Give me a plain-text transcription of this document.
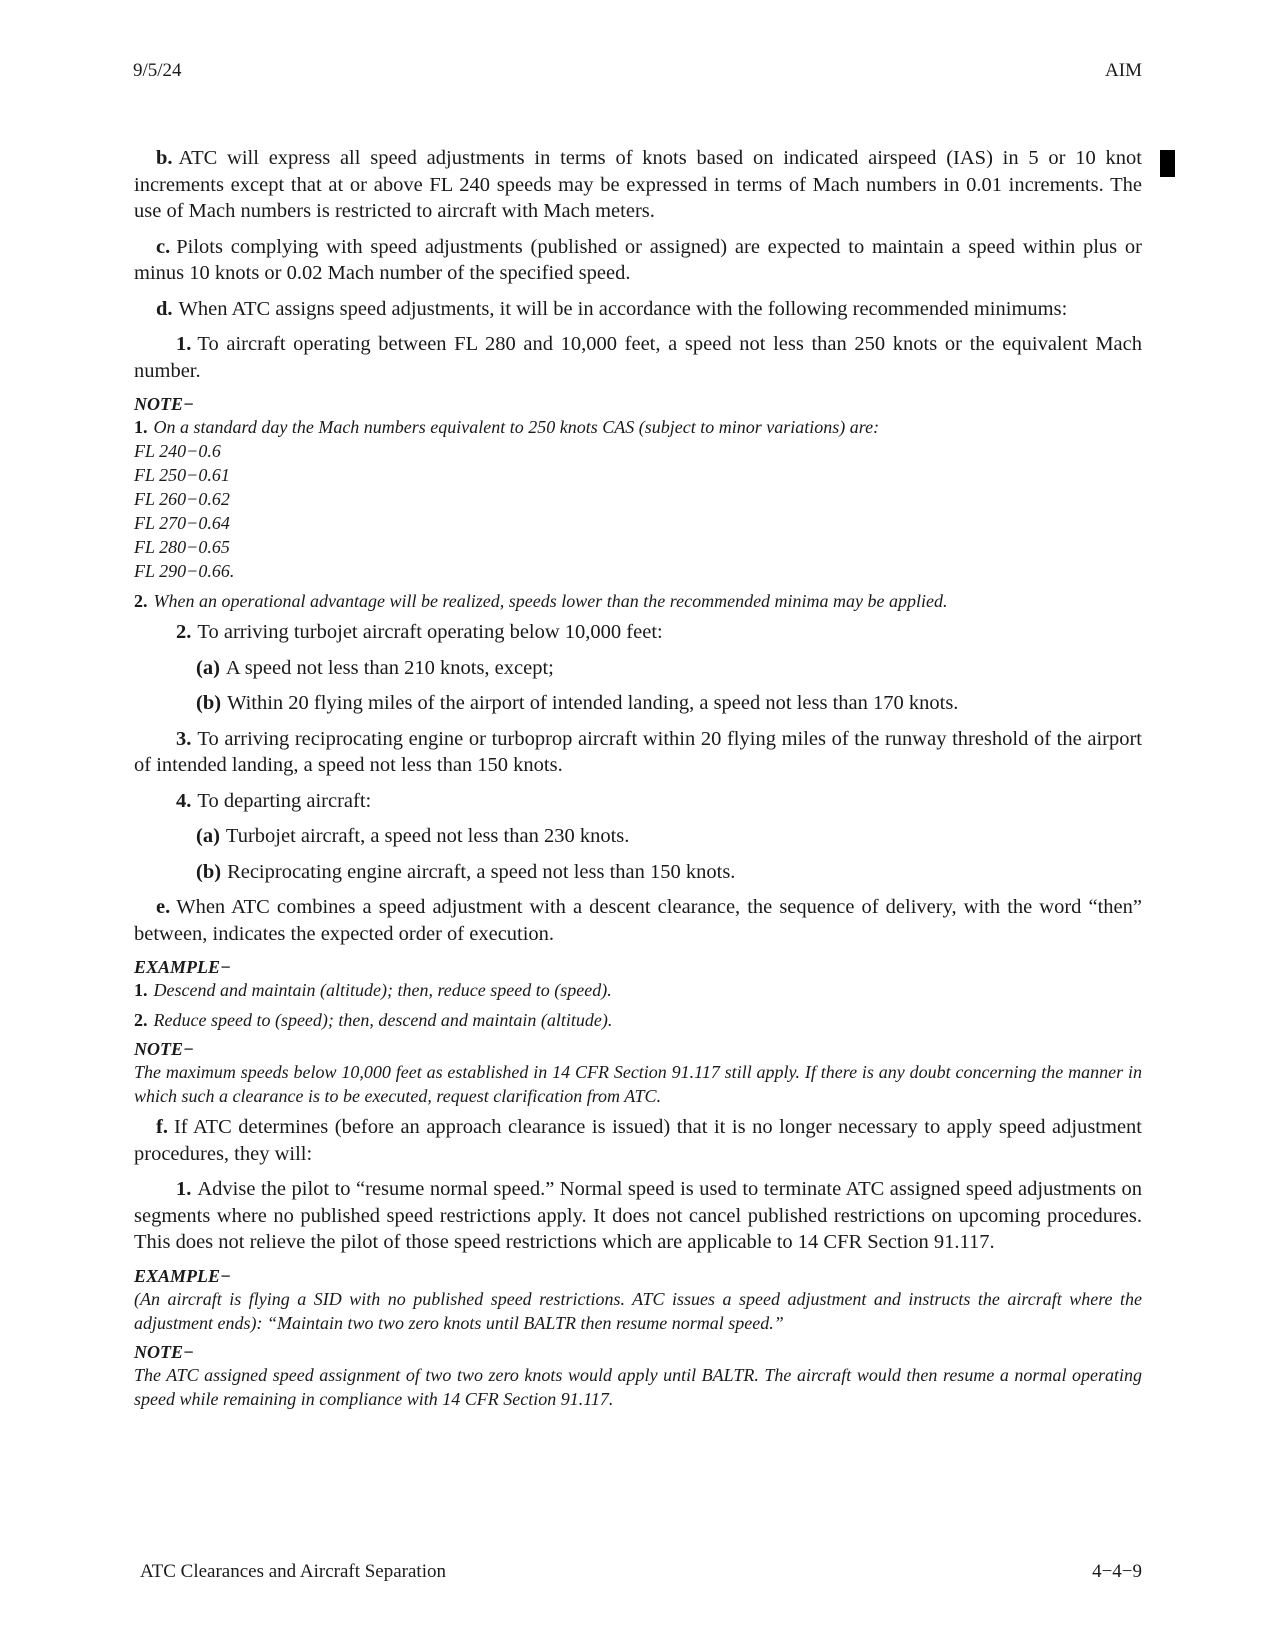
9/5/24	AIM

b. ATC will express all speed adjustments in terms of knots based on indicated airspeed (IAS) in 5 or 10 knot increments except that at or above FL 240 speeds may be expressed in terms of Mach numbers in 0.01 increments. The use of Mach numbers is restricted to aircraft with Mach meters.

c. Pilots complying with speed adjustments (published or assigned) are expected to maintain a speed within plus or minus 10 knots or 0.02 Mach number of the specified speed.

d. When ATC assigns speed adjustments, it will be in accordance with the following recommended minimums:

1. To aircraft operating between FL 280 and 10,000 feet, a speed not less than 250 knots or the equivalent Mach number.

NOTE−
1. On a standard day the Mach numbers equivalent to 250 knots CAS (subject to minor variations) are:
FL 240−0.6
FL 250−0.61
FL 260−0.62
FL 270−0.64
FL 280−0.65
FL 290−0.66.
2. When an operational advantage will be realized, speeds lower than the recommended minima may be applied.

2. To arriving turbojet aircraft operating below 10,000 feet:

(a) A speed not less than 210 knots, except;

(b) Within 20 flying miles of the airport of intended landing, a speed not less than 170 knots.

3. To arriving reciprocating engine or turboprop aircraft within 20 flying miles of the runway threshold of the airport of intended landing, a speed not less than 150 knots.

4. To departing aircraft:

(a) Turbojet aircraft, a speed not less than 230 knots.

(b) Reciprocating engine aircraft, a speed not less than 150 knots.

e. When ATC combines a speed adjustment with a descent clearance, the sequence of delivery, with the word “then” between, indicates the expected order of execution.

EXAMPLE−
1. Descend and maintain (altitude); then, reduce speed to (speed).
2. Reduce speed to (speed); then, descend and maintain (altitude).
NOTE−

The maximum speeds below 10,000 feet as established in 14 CFR Section 91.117 still apply. If there is any doubt concerning the manner in which such a clearance is to be executed, request clarification from ATC.

f. If ATC determines (before an approach clearance is issued) that it is no longer necessary to apply speed adjustment procedures, they will:

1. Advise the pilot to “resume normal speed.” Normal speed is used to terminate ATC assigned speed adjustments on segments where no published speed restrictions apply. It does not cancel published restrictions on upcoming procedures. This does not relieve the pilot of those speed restrictions which are applicable to 14 CFR Section 91.117.

EXAMPLE−

(An aircraft is flying a SID with no published speed restrictions. ATC issues a speed adjustment and instructs the aircraft where the adjustment ends): “Maintain two two zero knots until BALTR then resume normal speed.”

NOTE−

The ATC assigned speed assignment of two two zero knots would apply until BALTR. The aircraft would then resume a normal operating speed while remaining in compliance with 14 CFR Section 91.117.

ATC Clearances and Aircraft Separation	4−4−9
